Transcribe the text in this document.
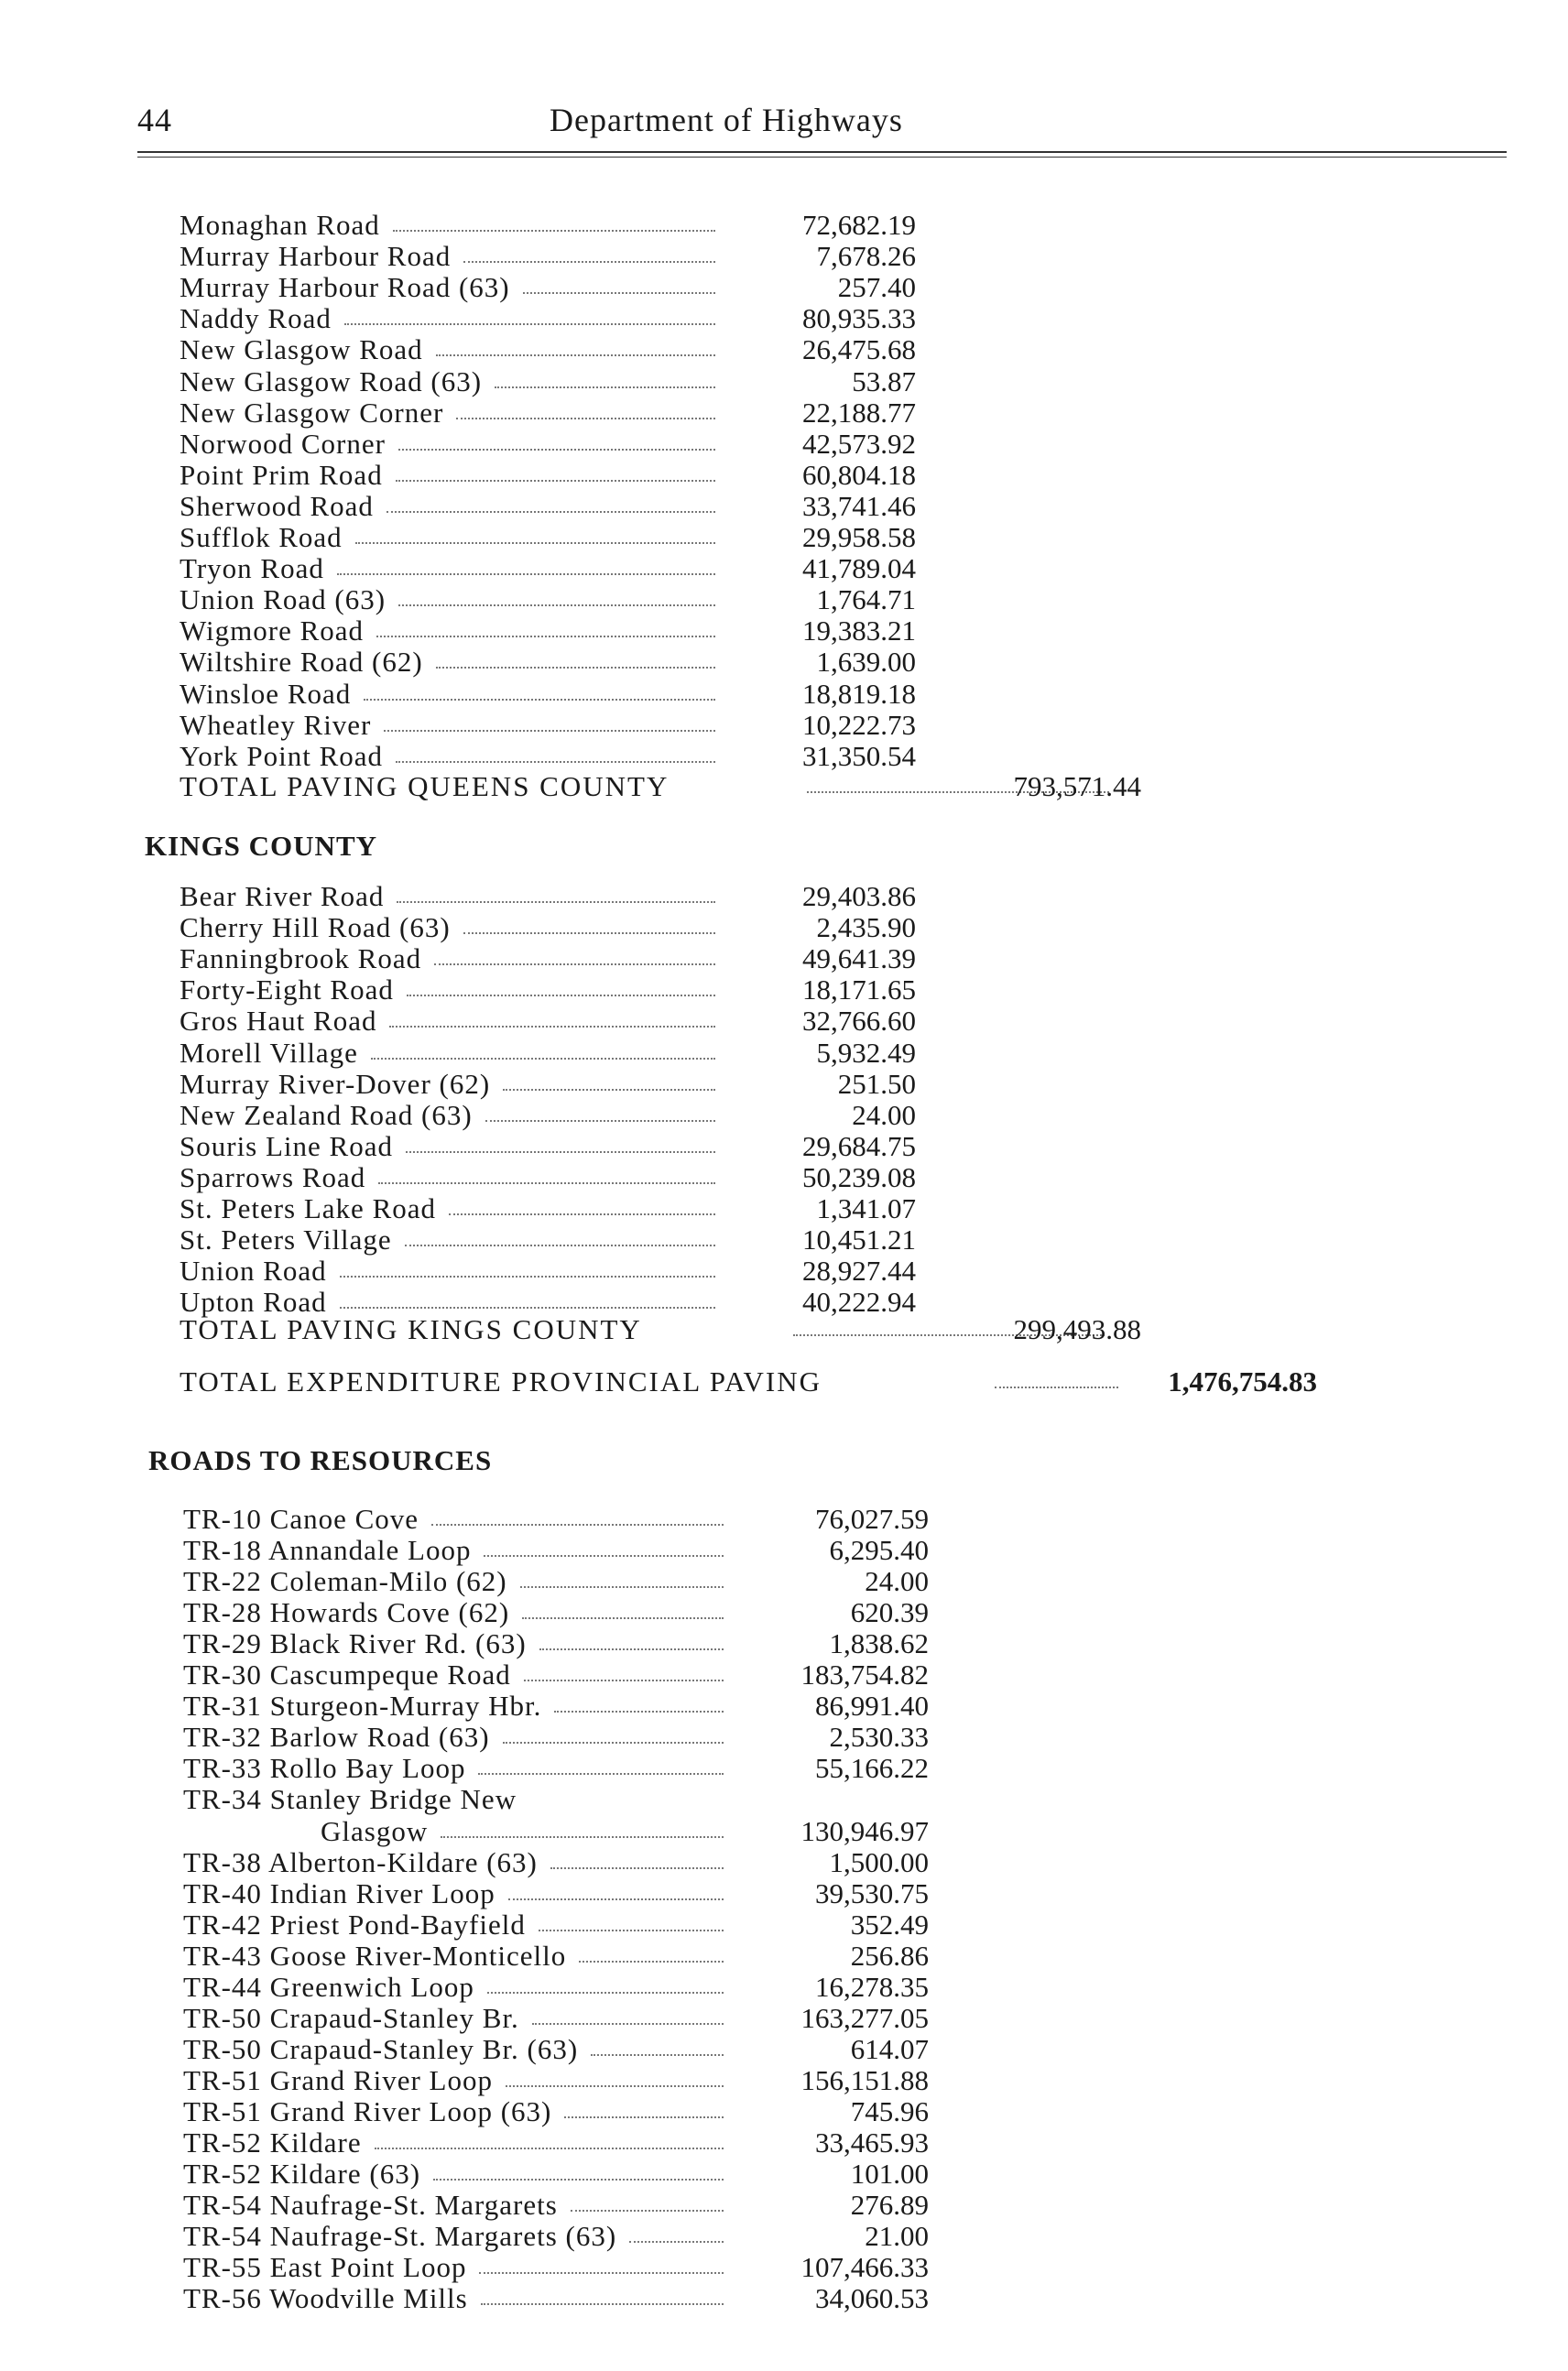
44	Department of Highways
Monaghan Road	72,682.19
Murray Harbour Road	7,678.26
Murray Harbour Road (63)	257.40
Naddy Road	80,935.33
New Glasgow Road	26,475.68
New Glasgow Road (63)	53.87
New Glasgow Corner	22,188.77
Norwood Corner	42,573.92
Point Prim Road	60,804.18
Sherwood Road	33,741.46
Sufflok Road	29,958.58
Tryon Road	41,789.04
Union Road (63)	1,764.71
Wigmore Road	19,383.21
Wiltshire Road (62)	1,639.00
Winsloe Road	18,819.18
Wheatley River	10,222.73
York Point Road	31,350.54
TOTAL PAVING QUEENS COUNTY	793,571.44
KINGS COUNTY
Bear River Road	29,403.86
Cherry Hill Road (63)	2,435.90
Fanningbrook Road	49,641.39
Forty-Eight Road	18,171.65
Gros Haut Road	32,766.60
Morell Village	5,932.49
Murray River-Dover (62)	251.50
New Zealand Road (63)	24.00
Souris Line Road	29,684.75
Sparrows Road	50,239.08
St. Peters Lake Road	1,341.07
St. Peters Village	10,451.21
Union Road	28,927.44
Upton Road	40,222.94
TOTAL PAVING KINGS COUNTY	299,493.88
TOTAL EXPENDITURE PROVINCIAL PAVING	1,476,754.83
ROADS TO RESOURCES
TR-10 Canoe Cove	76,027.59
TR-18 Annandale Loop	6,295.40
TR-22 Coleman-Milo (62)	24.00
TR-28 Howards Cove (62)	620.39
TR-29 Black River Rd. (63)	1,838.62
TR-30 Cascumpeque Road	183,754.82
TR-31 Sturgeon-Murray Hbr.	86,991.40
TR-32 Barlow Road (63)	2,530.33
TR-33 Rollo Bay Loop	55,166.22
TR-34 Stanley Bridge New
Glasgow	130,946.97
TR-38 Alberton-Kildare (63)	1,500.00
TR-40 Indian River Loop	39,530.75
TR-42 Priest Pond-Bayfield	352.49
TR-43 Goose River-Monticello	256.86
TR-44 Greenwich Loop	16,278.35
TR-50 Crapaud-Stanley Br.	163,277.05
TR-50 Crapaud-Stanley Br. (63)	614.07
TR-51 Grand River Loop	156,151.88
TR-51 Grand River Loop (63)	745.96
TR-52 Kildare	33,465.93
TR-52 Kildare (63)	101.00
TR-54 Naufrage-St. Margarets	276.89
TR-54 Naufrage-St. Margarets (63)	21.00
TR-55 East Point Loop	107,466.33
TR-56 Woodville Mills	34,060.53
